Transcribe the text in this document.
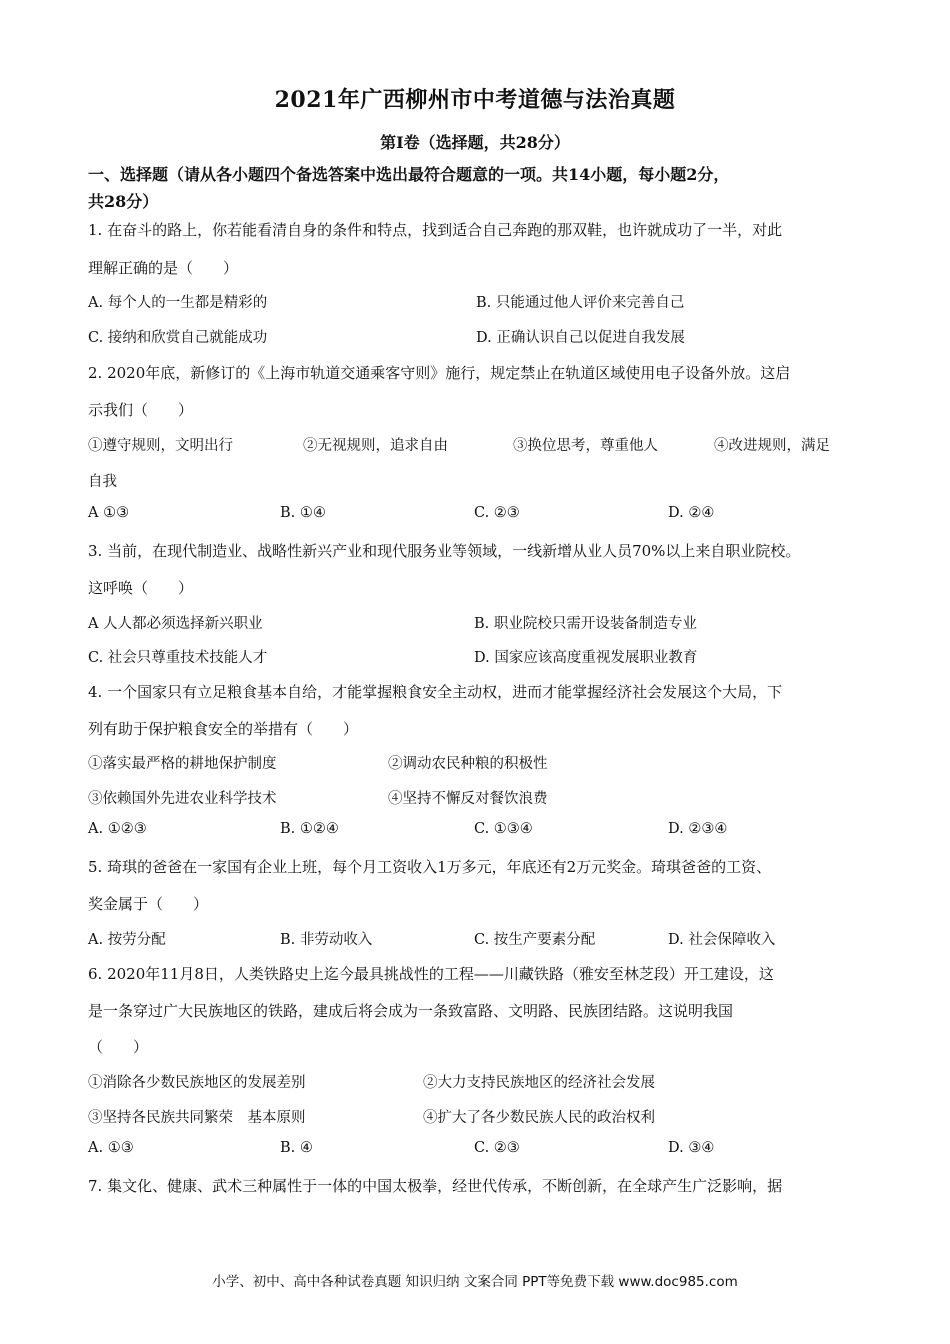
2021年广西柳州市中考道德与法治真题
第Ⅰ卷（选择题，共28分）
一、选择题（请从各小题四个备选答案中选出最符合题意的一项。共14小题，每小题2分，
共28分）
1. 在奋斗的路上，你若能看清自身的条件和特点，找到适合自己奔跑的那双鞋，也许就成功了一半，对此
理解正确的是（　　）
A. 每个人的一生都是精彩的	B. 只能通过他人评价来完善自己
C. 接纳和欣赏自己就能成功	D. 正确认识自己以促进自我发展
2. 2020年底，新修订的《上海市轨道交通乘客守则》施行，规定禁止在轨道区域使用电子设备外放。这启
示我们（　　）
①遵守规则，文明出行	②无视规则，追求自由	③换位思考，尊重他人	④改进规则，满足
自我
A ①③	B. ①④	C. ②③	D. ②④
3. 当前，在现代制造业、战略性新兴产业和现代服务业等领域，一线新增从业人员70%以上来自职业院校。
这呼唤（　　）
A 人人都必须选择新兴职业	B. 职业院校只需开设装备制造专业
C. 社会只尊重技术技能人才	D. 国家应该高度重视发展职业教育
4. 一个国家只有立足粮食基本自给，才能掌握粮食安全主动权，进而才能掌握经济社会发展这个大局，下
列有助于保护粮食安全的举措有（　　）
①落实最严格的耕地保护制度	②调动农民种粮的积极性
③依赖国外先进农业科学技术	④坚持不懈反对餐饮浪费
A. ①②③	B. ①②④	C. ①③④	D. ②③④
5. 琦琪的爸爸在一家国有企业上班，每个月工资收入1万多元，年底还有2万元奖金。琦琪爸爸的工资、
奖金属于（　　）
A. 按劳分配	B. 非劳动收入	C. 按生产要素分配	D. 社会保障收入
6. 2020年11月8日，人类铁路史上迄今最具挑战性的工程——川藏铁路（雅安至林芝段）开工建设，这
是一条穿过广大民族地区的铁路，建成后将会成为一条致富路、文明路、民族团结路。这说明我国
（　　）
①消除各少数民族地区的发展差别	②大力支持民族地区的经济社会发展
③坚持各民族共同繁荣　基本原则	④扩大了各少数民族人民的政治权利
A. ①③	B. ④	C. ②③	D. ③④
7. 集文化、健康、武术三种属性于一体的中国太极拳，经世代传承，不断创新，在全球产生广泛影响，据
小学、初中、高中各种试卷真题 知识归纳 文案合同 PPT等免费下载 www.doc985.com
